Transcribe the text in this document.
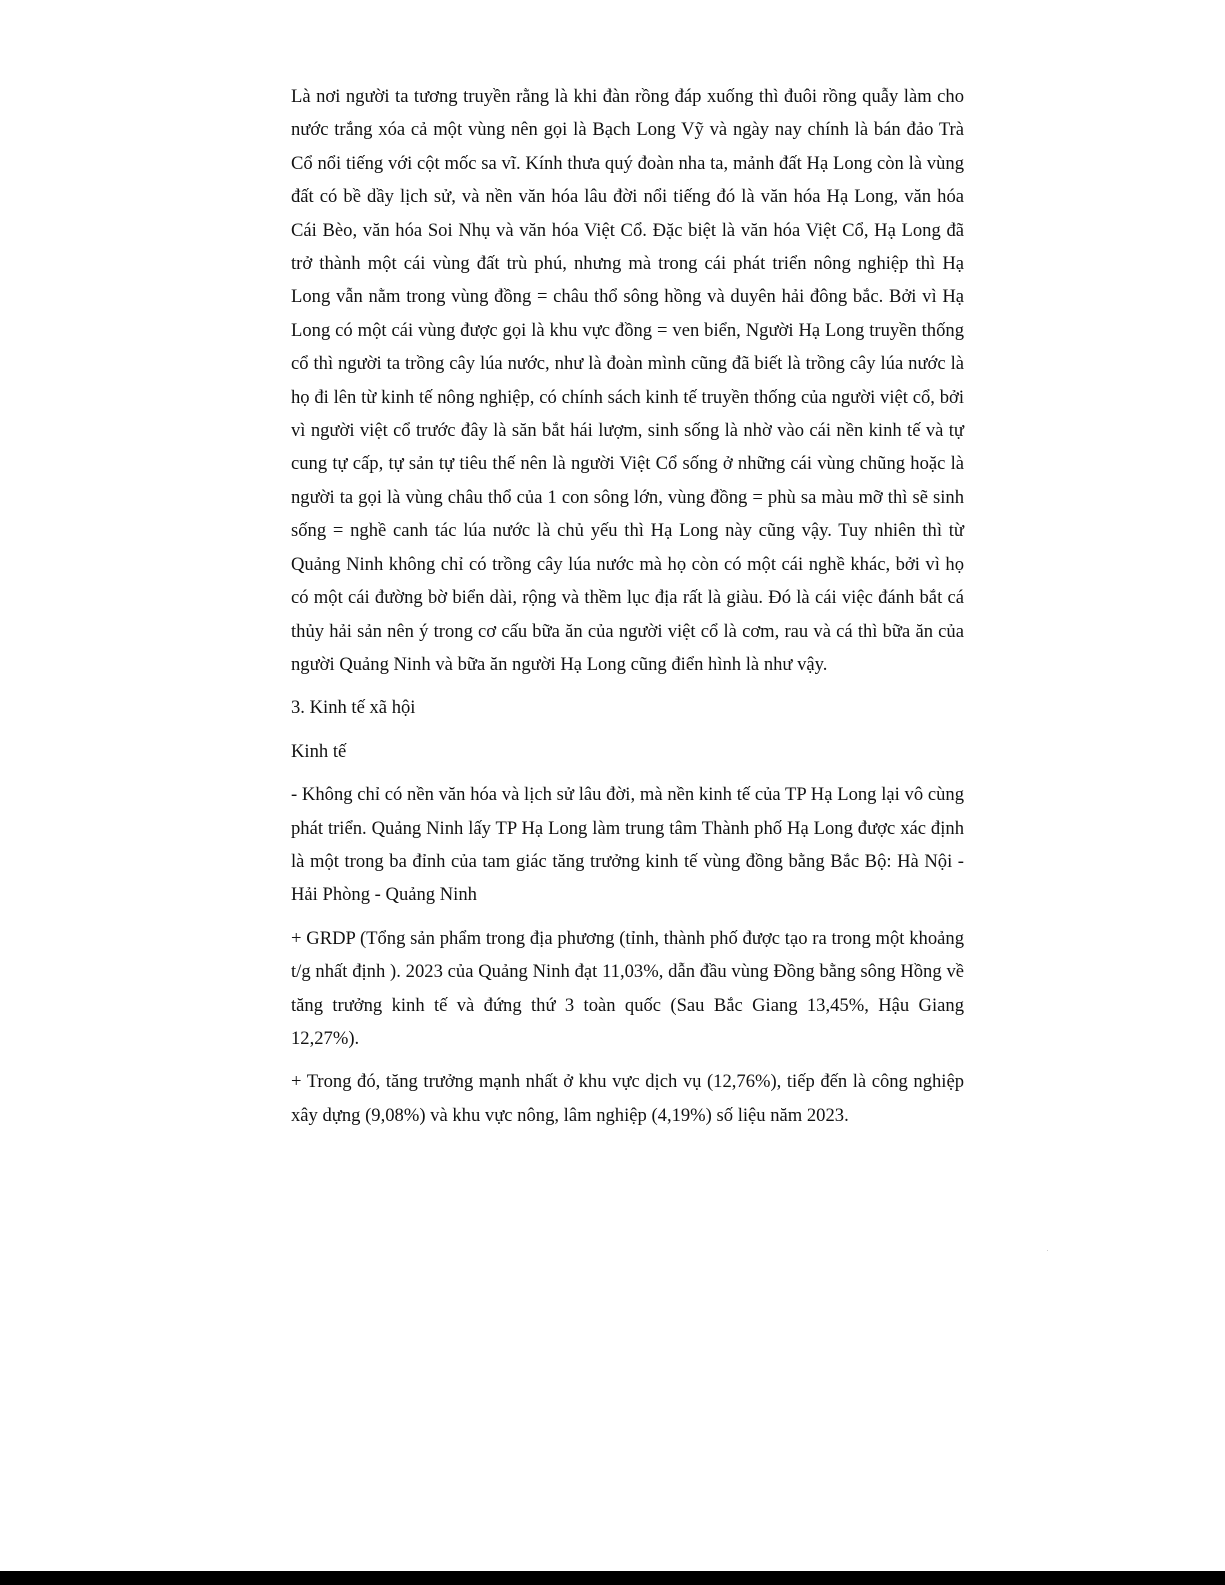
Là nơi người ta tương truyền rằng là khi đàn rồng đáp xuống thì đuôi rồng quẫy làm cho nước trắng xóa cả một vùng nên gọi là Bạch Long Vỹ và ngày nay chính là bán đảo Trà Cổ nổi tiếng với cột mốc sa vĩ. Kính thưa quý đoàn nha ta, mảnh đất Hạ Long còn là vùng đất có bề dầy lịch sử, và nền văn hóa lâu đời nổi tiếng đó là văn hóa Hạ Long, văn hóa Cái Bèo, văn hóa Soi Nhụ và văn hóa Việt Cổ. Đặc biệt là văn hóa Việt Cổ, Hạ Long đã trở thành một cái vùng đất trù phú, nhưng mà trong cái phát triển nông nghiệp thì Hạ Long vẫn nằm trong vùng đồng = châu thổ sông hồng và duyên hải đông bắc. Bởi vì Hạ Long có một cái vùng được gọi là khu vực đồng = ven biển, Người Hạ Long truyền thống cổ thì người ta trồng cây lúa nước, như là đoàn mình cũng đã biết là trồng cây lúa nước là họ đi lên từ kinh tế nông nghiệp, có chính sách kinh tế truyền thống của người việt cổ, bởi vì người việt cổ trước đây là săn bắt hái lượm, sinh sống là nhờ vào cái nền kinh tế và tự cung tự cấp, tự sản tự tiêu thế nên là người Việt Cổ sống ở những cái vùng chũng hoặc là người ta gọi là vùng châu thổ của 1 con sông lớn, vùng đồng = phù sa màu mỡ thì sẽ sinh sống = nghề canh tác lúa nước là chủ yếu thì Hạ Long này cũng vậy. Tuy nhiên thì từ Quảng Ninh không chỉ có trồng cây lúa nước mà họ còn có một cái nghề khác, bởi vì họ có một cái đường bờ biển dài, rộng và thềm lục địa rất là giàu. Đó là cái việc đánh bắt cá thủy hải sản nên ý trong cơ cấu bữa ăn của người việt cổ là cơm, rau và cá thì bữa ăn của người Quảng Ninh và bữa ăn người Hạ Long cũng điển hình là như vậy.

3. Kinh tế xã hội

Kinh tế

- Không chỉ có nền văn hóa và lịch sử lâu đời, mà nền kinh tế của TP Hạ Long lại vô cùng phát triển. Quảng Ninh lấy TP Hạ Long làm trung tâm Thành phố Hạ Long được xác định là một trong ba đỉnh của tam giác tăng trưởng kinh tế vùng đồng bằng Bắc Bộ: Hà Nội - Hải Phòng - Quảng Ninh

+ GRDP (Tổng sản phẩm trong địa phương (tỉnh, thành phố được tạo ra trong một khoảng t/g nhất định ). 2023 của Quảng Ninh đạt 11,03%, dẫn đầu vùng Đồng bằng sông Hồng về tăng trưởng kinh tế và đứng thứ 3 toàn quốc (Sau Bắc Giang 13,45%, Hậu Giang 12,27%).

+ Trong đó, tăng trưởng mạnh nhất ở khu vực dịch vụ (12,76%), tiếp đến là công nghiệp xây dựng (9,08%) và khu vực nông, lâm nghiệp (4,19%) số liệu năm 2023.
